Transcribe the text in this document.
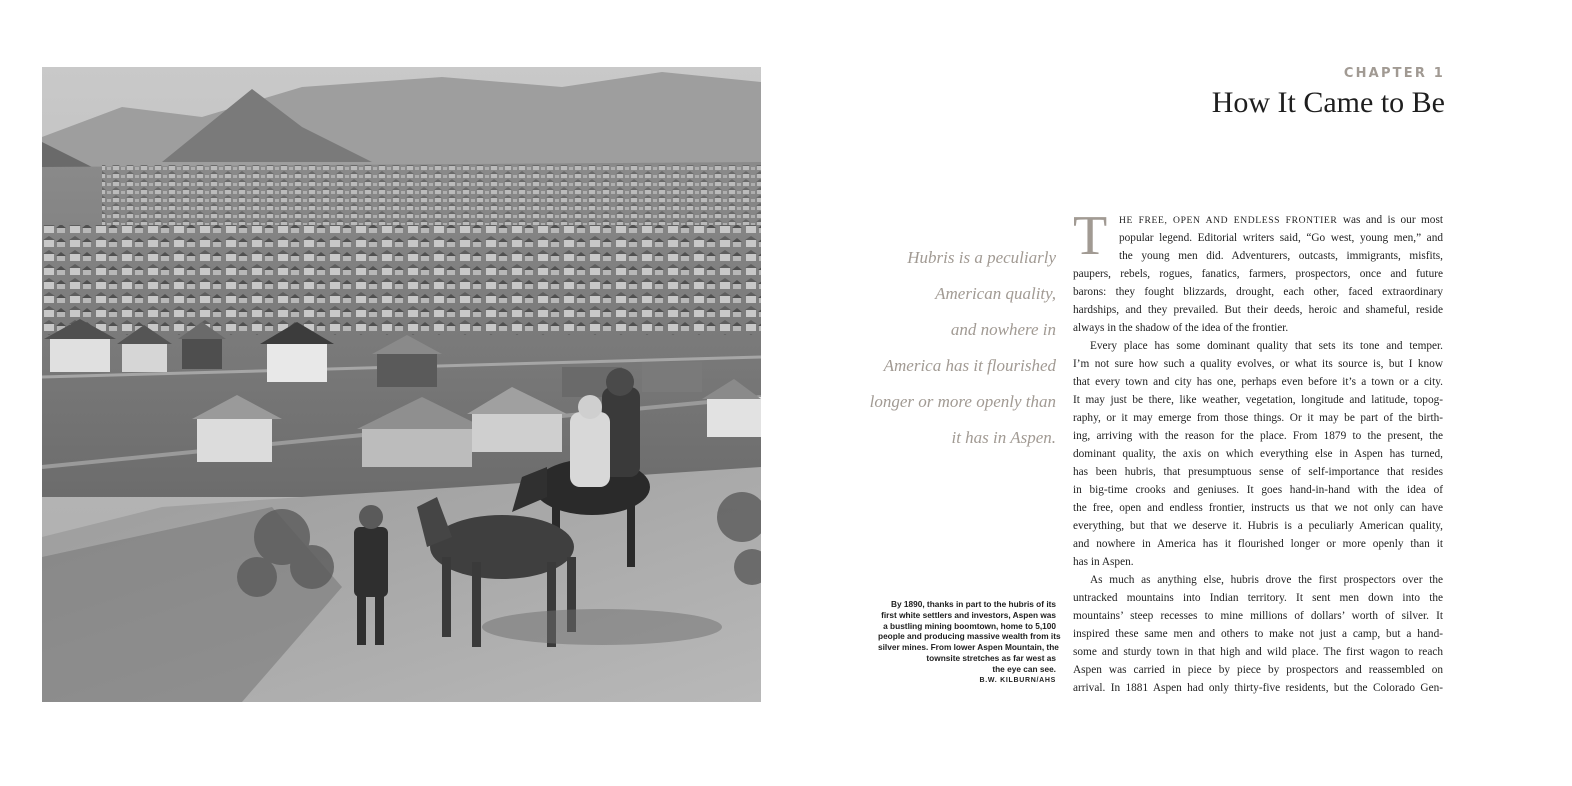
CHAPTER 1
How It Came to Be
Hubris is a peculiarly
American quality,
and nowhere in
America has it flourished
longer or more openly than
it has in Aspen.
By 1890, thanks in part to the hubris of its
first white settlers and investors, Aspen was
a bustling mining boomtown, home to 5,100
people and producing massive wealth from its
silver mines. From lower Aspen Mountain, the
townsite stretches as far west as
the eye can see.
B.W. KILBURN/AHS

T	HE FREE, OPEN AND ENDLESS FRONTIER was and is our most
popular legend. Editorial writers said, “Go west, young men,” and
the young men did. Adventurers, outcasts, immigrants, misfits,
paupers, rebels, rogues, fanatics, farmers, prospectors, once and future
barons: they fought blizzards, drought, each other, faced extraordinary
hardships, and they prevailed. But their deeds, heroic and shameful, reside
always in the shadow of the idea of the frontier.

Every place has some dominant quality that sets its tone and temper.
I’m not sure how such a quality evolves, or what its source is, but I know
that every town and city has one, perhaps even before it’s a town or a city.
It may just be there, like weather, vegetation, longitude and latitude, topog-
raphy, or it may emerge from those things. Or it may be part of the birth-
ing, arriving with the reason for the place. From 1879 to the present, the
dominant quality, the axis on which everything else in Aspen has turned,
has been hubris, that presumptuous sense of self-importance that resides
in big-time crooks and geniuses. It goes hand-in-hand with the idea of
the free, open and endless frontier, instructs us that we not only can have
everything, but that we deserve it. Hubris is a peculiarly American quality,
and nowhere in America has it flourished longer or more openly than it
has in Aspen.

As much as anything else, hubris drove the first prospectors over the
untracked mountains into Indian territory. It sent men down into the
mountains’ steep recesses to mine millions of dollars’ worth of silver. It
inspired these same men and others to make not just a camp, but a hand-
some and sturdy town in that high and wild place. The first wagon to reach
Aspen was carried in piece by piece by prospectors and reassembled on
arrival. In 1881 Aspen had only thirty-five residents, but the Colorado Gen-
